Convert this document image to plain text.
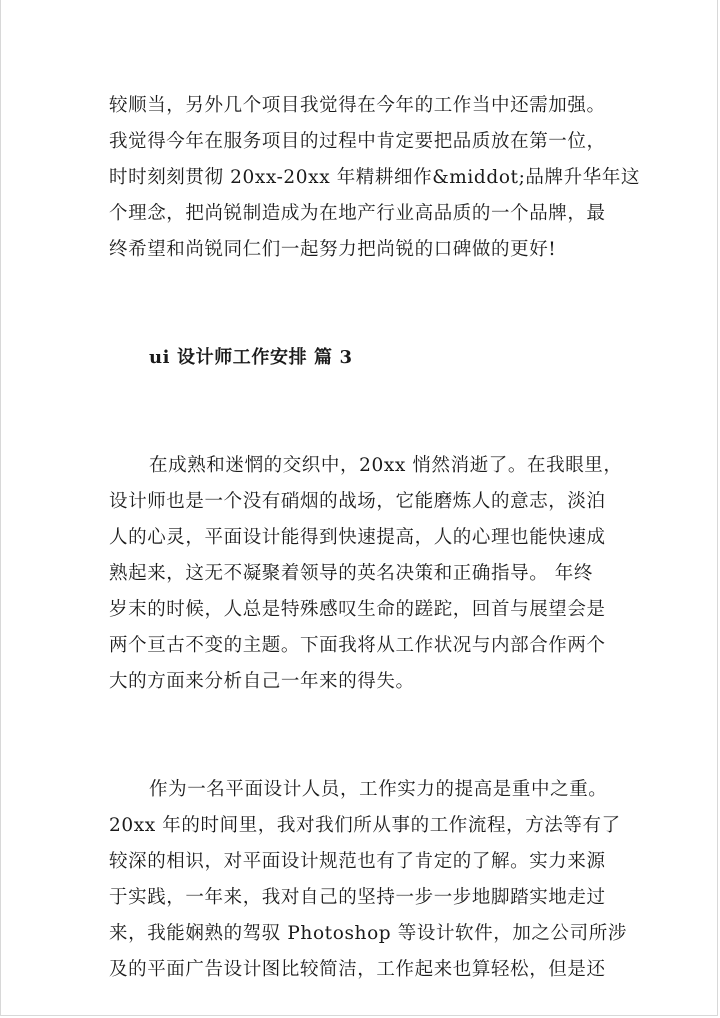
较顺当，另外几个项目我觉得在今年的工作当中还需加强。
我觉得今年在服务项目的过程中肯定要把品质放在第一位，
时时刻刻贯彻 20xx-20xx 年精耕细作&middot;品牌升华年这
个理念，把尚锐制造成为在地产行业高品质的一个品牌，最
终希望和尚锐同仁们一起努力把尚锐的口碑做的更好!

ui 设计师工作安排 篇 3

在成熟和迷惘的交织中，20xx 悄然消逝了。在我眼里，
设计师也是一个没有硝烟的战场，它能磨炼人的意志，淡泊
人的心灵，平面设计能得到快速提高，人的心理也能快速成
熟起来，这无不凝聚着领导的英名决策和正确指导。 年终
岁末的时候，人总是特殊感叹生命的蹉跎，回首与展望会是
两个亘古不变的主题。下面我将从工作状况与内部合作两个
大的方面来分析自己一年来的得失。

作为一名平面设计人员，工作实力的提高是重中之重。
20xx 年的时间里，我对我们所从事的工作流程，方法等有了
较深的相识，对平面设计规范也有了肯定的了解。实力来源
于实践，一年来，我对自己的坚持一步一步地脚踏实地走过
来，我能娴熟的驾驭 Photoshop 等设计软件，加之公司所涉
及的平面广告设计图比较简洁，工作起来也算轻松，但是还
